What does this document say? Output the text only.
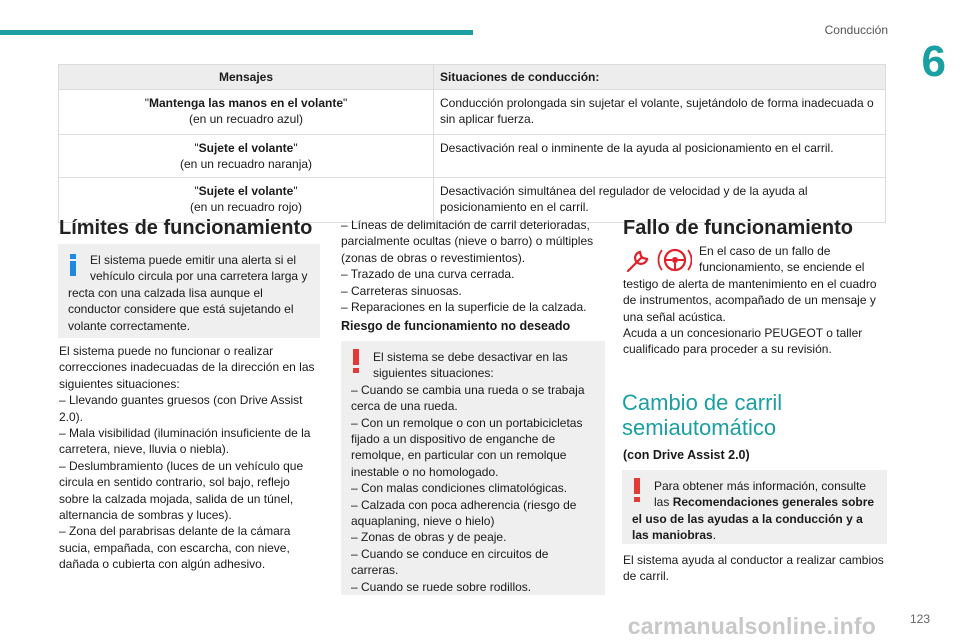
Conducción
6
Mensajes	Situaciones de conducción:
"Mantenga las manos en el volante"
(en un recuadro azul)	Conducción prolongada sin sujetar el volante, sujetándolo de forma inadecuada o sin aplicar fuerza.
"Sujete el volante"
(en un recuadro naranja)	Desactivación real o inminente de la ayuda al posicionamiento en el carril.
"Sujete el volante"
(en un recuadro rojo)	Desactivación simultánea del regulador de velocidad y de la ayuda al posicionamiento en el carril.
Límites de funcionamiento

El sistema puede emitir una alerta si el
vehículo circula por una carretera larga y
recta con una calzada lisa aunque el conductor considere que está sujetando el volante correctamente.

El sistema puede no funcionar o realizar correcciones inadecuadas de la dirección en las siguientes situaciones:

– Llevando guantes gruesos (con Drive Assist 2.0).

– Mala visibilidad (iluminación insuficiente de la carretera, nieve, lluvia o niebla).

– Deslumbramiento (luces de un vehículo que circula en sentido contrario, sol bajo, reflejo sobre la calzada mojada, salida de un túnel, alternancia de sombras y luces).

– Zona del parabrisas delante de la cámara sucia, empañada, con escarcha, con nieve, dañada o cubierta con algún adhesivo.

– Líneas de delimitación de carril deterioradas, parcialmente ocultas (nieve o barro) o múltiples (zonas de obras o revestimientos).

– Trazado de una curva cerrada.

– Carreteras sinuosas.

– Reparaciones en la superficie de la calzada.

Riesgo de funcionamiento no deseado

El sistema se debe desactivar en las
siguientes situaciones:

– Cuando se cambia una rueda o se trabaja cerca de una rueda.

– Con un remolque o con un portabicicletas fijado a un dispositivo de enganche de remolque, en particular con un remolque inestable o no homologado.

– Con malas condiciones climatológicas.

– Calzada con poca adherencia (riesgo de aquaplaning, nieve o hielo)

– Zonas de obras y de peaje.

– Cuando se conduce en circuitos de carreras.

– Cuando se ruede sobre rodillos.

Fallo de funcionamiento
En el caso de un fallo de
funcionamiento, se enciende el
testigo de alerta de mantenimiento en el cuadro de instrumentos, acompañado de un mensaje y una señal acústica.
Acuda a un concesionario PEUGEOT o taller cualificado para proceder a su revisión.
Cambio de carril
semiautomático
(con Drive Assist 2.0)

Para obtener más información, consulte
las Recomendaciones generales sobre
el uso de las ayudas a la conducción y a las maniobras.

El sistema ayuda al conductor a realizar cambios de carril.
123
carmanualsonline.info
